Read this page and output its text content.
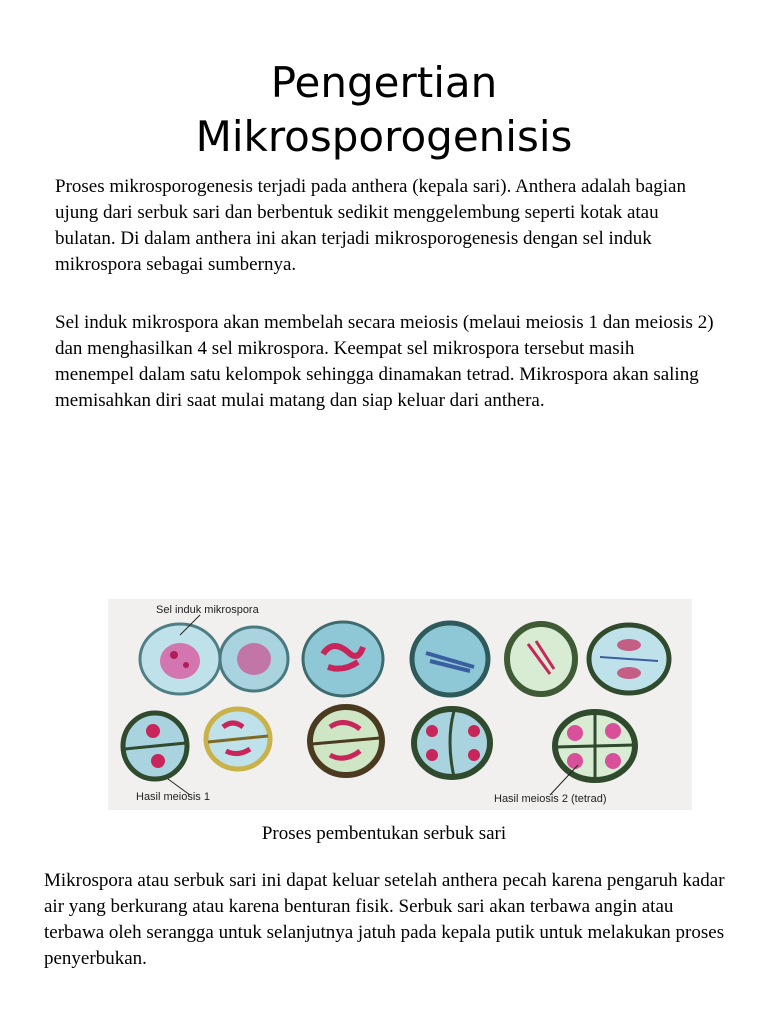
Pengertian
Mikrosporogenisis

Proses mikrosporogenesis terjadi pada anthera (kepala sari). Anthera adalah bagian ujung dari serbuk sari dan berbentuk sedikit menggelembung seperti kotak atau bulatan. Di dalam anthera ini akan terjadi mikrosporogenesis dengan sel induk mikrospora sebagai sumbernya.

Sel induk mikrospora akan membelah secara meiosis (melaui meiosis 1 dan meiosis 2) dan menghasilkan 4 sel mikrospora. Keempat sel mikrospora tersebut masih menempel dalam satu kelompok sehingga dinamakan tetrad. Mikrospora akan saling memisahkan diri saat mulai matang dan siap keluar dari anthera.

Sel induk mikrospora
Hasil meiosis 1	Hasil meiosis 2 (tetrad)
Proses pembentukan serbuk sari

Mikrospora atau serbuk sari ini dapat keluar setelah anthera pecah karena pengaruh kadar air yang berkurang atau karena benturan fisik. Serbuk sari akan terbawa angin atau terbawa oleh serangga untuk selanjutnya jatuh pada kepala putik untuk melakukan proses penyerbukan.
